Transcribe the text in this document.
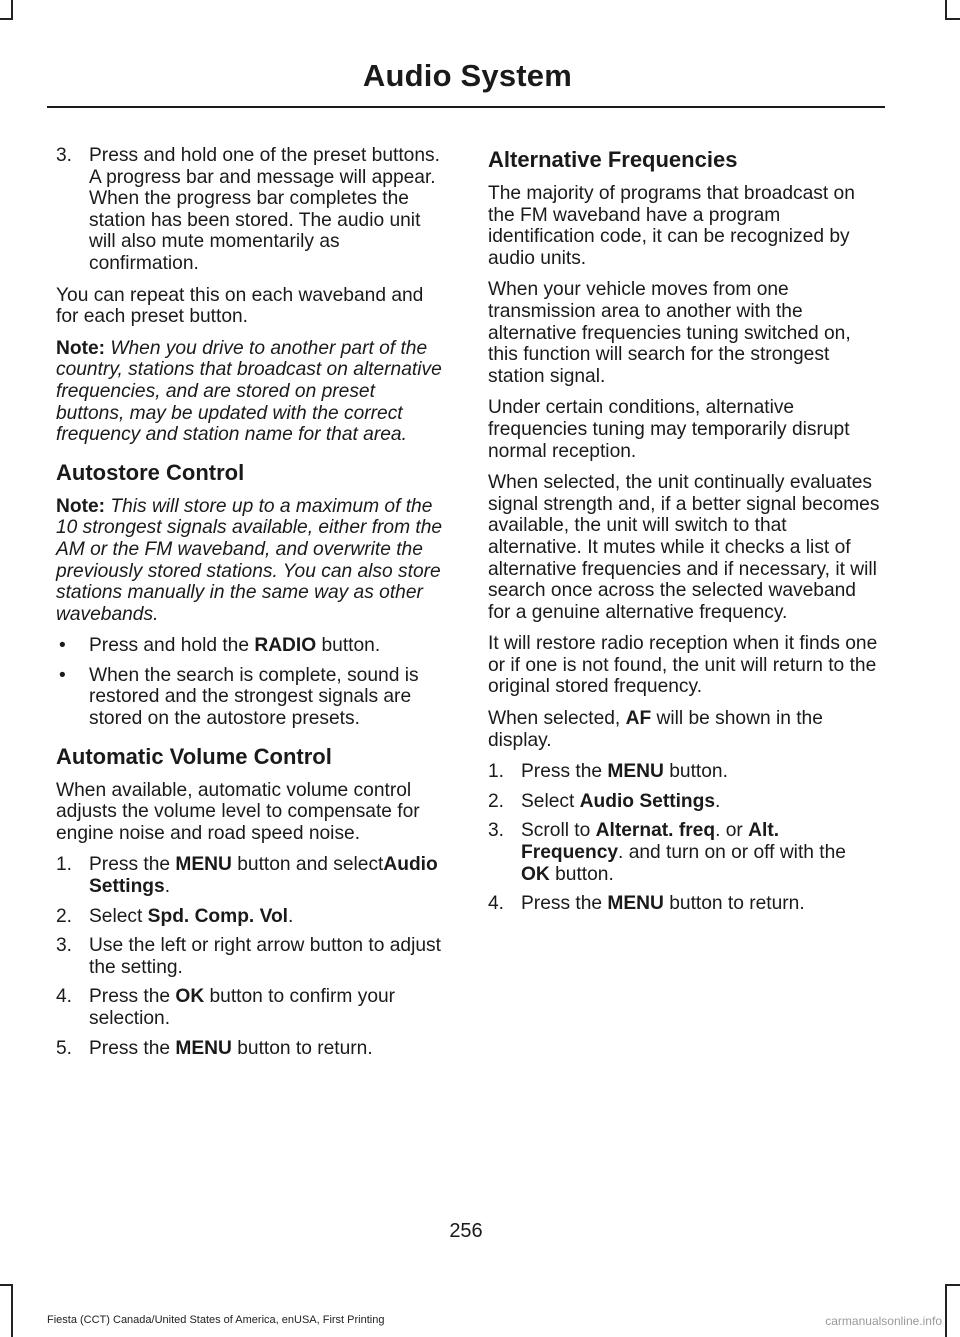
Audio System
3. Press and hold one of the preset buttons. A progress bar and message will appear. When the progress bar completes the station has been stored. The audio unit will also mute momentarily as confirmation.

You can repeat this on each waveband and for each preset button.

Note: When you drive to another part of the country, stations that broadcast on alternative frequencies, and are stored on preset buttons, may be updated with the correct frequency and station name for that area.

Autostore Control

Note: This will store up to a maximum of the 10 strongest signals available, either from the AM or the FM waveband, and overwrite the previously stored stations. You can also store stations manually in the same way as other wavebands.

• Press and hold the RADIO button.
• When the search is complete, sound is restored and the strongest signals are stored on the autostore presets.
Automatic Volume Control

When available, automatic volume control adjusts the volume level to compensate for engine noise and road speed noise.

1. Press the MENU button and selectAudio Settings.
2. Select Spd. Comp. Vol.
3. Use the left or right arrow button to adjust the setting.
4. Press the OK button to confirm your selection.
5. Press the MENU button to return.
Alternative Frequencies

The majority of programs that broadcast on the FM waveband have a program identification code, it can be recognized by audio units.

When your vehicle moves from one transmission area to another with the alternative frequencies tuning switched on, this function will search for the strongest station signal.

Under certain conditions, alternative frequencies tuning may temporarily disrupt normal reception.

When selected, the unit continually evaluates signal strength and, if a better signal becomes available, the unit will switch to that alternative. It mutes while it checks a list of alternative frequencies and if necessary, it will search once across the selected waveband for a genuine alternative frequency.

It will restore radio reception when it finds one or if one is not found, the unit will return to the original stored frequency.

When selected, AF will be shown in the display.

1. Press the MENU button.
2. Select Audio Settings.
3. Scroll to Alternat. freq. or Alt. Frequency. and turn on or off with the OK button.
4. Press the MENU button to return.
256
Fiesta (CCT) Canada/United States of America, enUSA, First Printing	carmanualsonline.info
